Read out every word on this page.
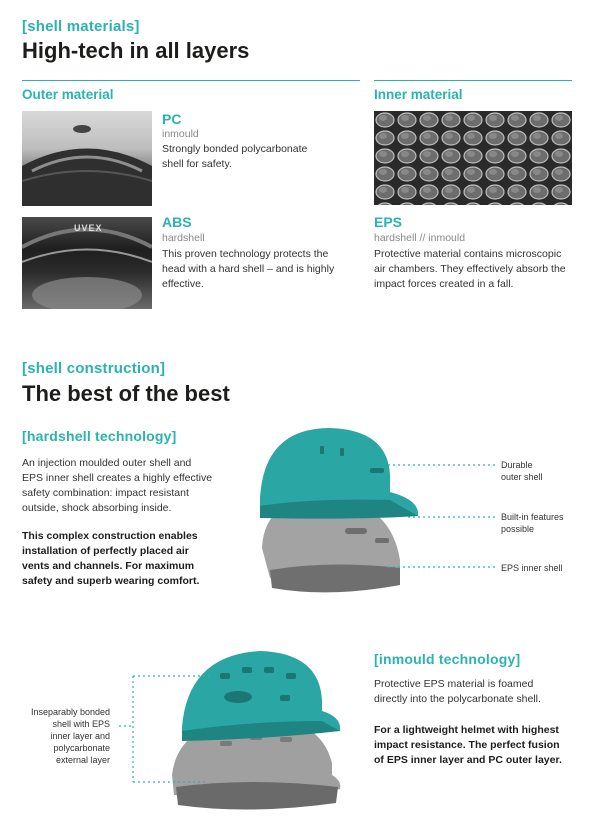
[shell materials]
High-tech in all layers
Outer material	Inner material
PC
inmould
Strongly bonded polycarbonate
shell for safety.
UVEX	ABS
hardshell
This proven technology protects the
head with a hard shell – and is highly
effective.
EPS
hardshell // inmould
Protective material contains microscopic
air chambers. They effectively absorb the
impact forces created in a fall.
[shell construction]
The best of the best
[hardshell technology]
An injection moulded outer shell and
EPS inner shell creates a highly effective
safety combination: impact resistant
outside, shock absorbing inside.
This complex construction enables
installation of perfectly placed air
vents and channels. For maximum
safety and superb wearing comfort.
Durable
outer shell
Built-in features
possible
EPS inner shell
Inseparably bonded
shell with EPS
inner layer and
polycarbonate
external layer
[inmould technology]
Protective EPS material is foamed
directly into the polycarbonate shell.
For a lightweight helmet with highest
impact resistance. The perfect fusion
of EPS inner layer and PC outer layer.
